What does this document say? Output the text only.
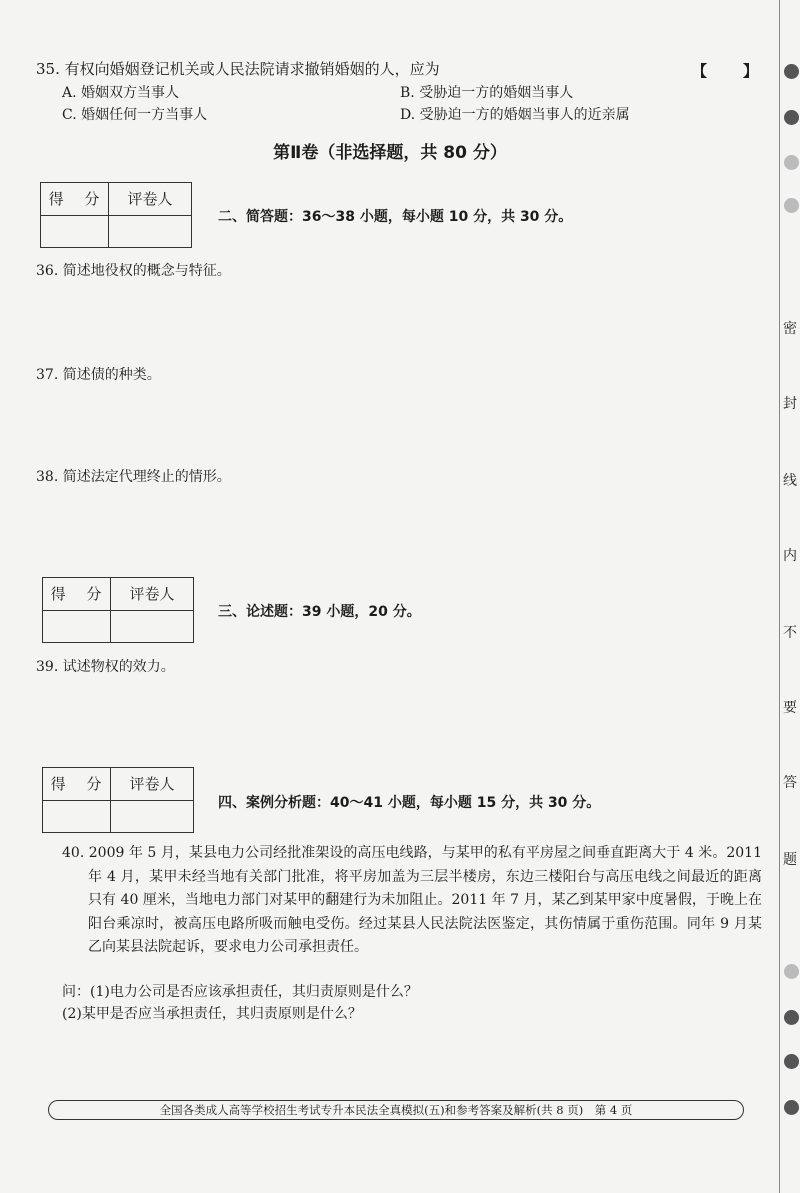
35. 有权向婚姻登记机关或人民法院请求撤销婚姻的人，应为	【　　】
A. 婚姻双方当事人	B. 受胁迫一方的婚姻当事人
C. 婚姻任何一方当事人	D. 受胁迫一方的婚姻当事人的近亲属
第Ⅱ卷（非选择题，共 80 分）
得 分	评卷人
二、简答题：36～38 小题，每小题 10 分，共 30 分。
36. 简述地役权的概念与特征。
37. 简述债的种类。
38. 简述法定代理终止的情形。
得 分	评卷人
三、论述题：39 小题，20 分。
39. 试述物权的效力。
得 分	评卷人
四、案例分析题：40～41 小题，每小题 15 分，共 30 分。
40. 2009 年 5 月，某县电力公司经批准架设的高压电线路，与某甲的私有平房屋之间垂直距离大于 4 米。2011 年 4 月，某甲未经当地有关部门批准，将平房加盖为三层半楼房，东边三楼阳台与高压电线之间最近的距离只有 40 厘米，当地电力部门对某甲的翻建行为未加阻止。2011 年 7 月，某乙到某甲家中度暑假，于晚上在阳台乘凉时，被高压电路所吸而触电受伤。经过某县人民法院法医鉴定，其伤情属于重伤范围。同年 9 月某乙向某县法院起诉，要求电力公司承担责任。
问：(1)电力公司是否应该承担责任，其归责原则是什么？
(2)某甲是否应当承担责任，其归责原则是什么？
全国各类成人高等学校招生考试专升本民法全真模拟(五)和参考答案及解析(共 8 页)　第 4 页
密
封
线
内
不
要
答
题
